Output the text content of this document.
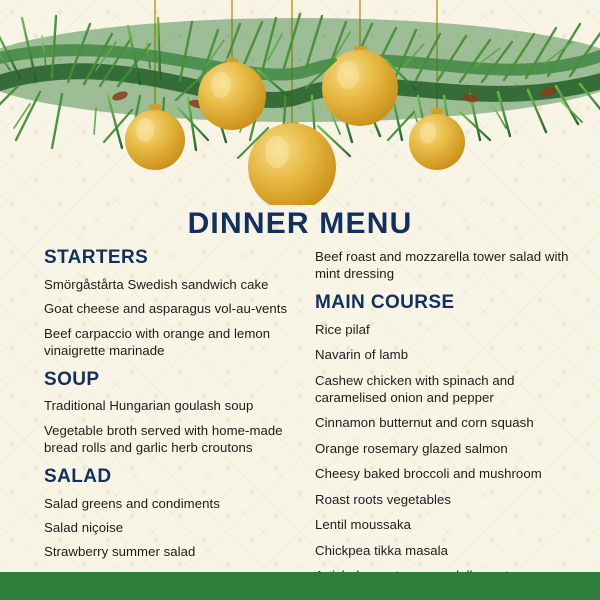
DINNER MENU
STARTERS
Smörgåstårta Swedish sandwich cake
Goat cheese and asparagus vol-au-vents
Beef carpaccio with orange and lemon vinaigrette marinade
SOUP
Traditional Hungarian goulash soup
Vegetable broth served with home-made bread rolls and garlic herb croutons
SALAD
Salad greens and condiments
Salad niçoise
Strawberry summer salad
Beef roast and mozzarella tower salad with mint dressing
MAIN COURSE
Rice pilaf
Navarin of lamb
Cashew chicken with spinach and caramelised onion and pepper
Cinnamon butternut and corn squash
Orange rosemary glazed salmon
Cheesy baked broccoli and mushroom
Roast roots vegetables
Lentil moussaka
Chickpea tikka masala
